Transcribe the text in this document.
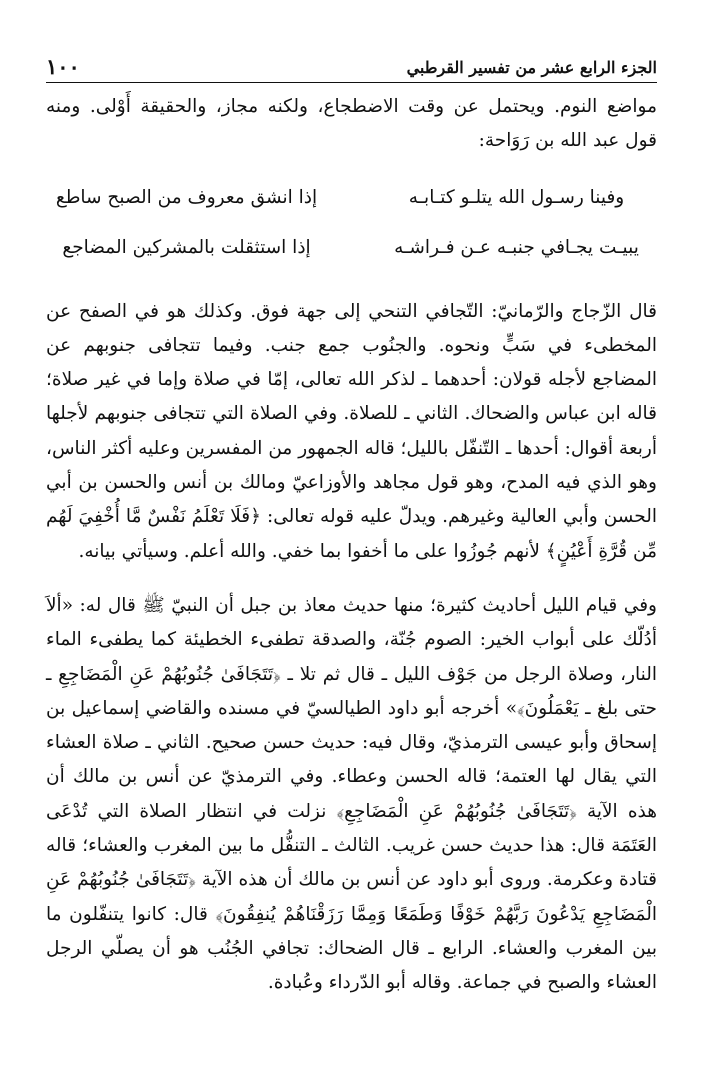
١٠٠	الجزء الرابع عشر من تفسير القرطبي

مواضع النوم. ويحتمل عن وقت الاضطجاع، ولكنه مجاز، والحقيقة أَوْلى. ومنه قول عبد الله بن رَوَاحة:

وفينا رسـول الله يتلـو كتـابـه
إذا انشق معروف من الصبح ساطع
يبيـت يجـافي جنبـه عـن فـراشـه
إذا استثقلت بالمشركين المضاجع

قال الزّجاج والرّمانيّ: التّجافي التنحي إلى جهة فوق. وكذلك هو في الصفح عن المخطىء في سَبٍّ ونحوه. والجنُوب جمع جنب. وفيما تتجافى جنوبهم عن المضاجع لأجله قولان: أحدهما ـ لذكر الله تعالى، إمّا في صلاة وإما في غير صلاة؛ قاله ابن عباس والضحاك. الثاني ـ للصلاة. وفي الصلاة التي تتجافى جنوبهم لأجلها أربعة أقوال: أحدها ـ التّنفّل بالليل؛ قاله الجمهور من المفسرين وعليه أكثر الناس، وهو الذي فيه المدح، وهو قول مجاهد والأوزاعيّ ومالك بن أنس والحسن بن أبي الحسن وأبي العالية وغيرهم. ويدلّ عليه قوله تعالى: ﴿فَلَا تَعْلَمُ نَفْسٌ مَّا أُخْفِيَ لَهُم مِّن قُرَّةِ أَعْيُنٍ﴾ لأنهم جُوزُوا على ما أخفوا بما خفي. والله أعلم. وسيأتي بيانه.

وفي قيام الليل أحاديث كثيرة؛ منها حديث معاذ بن جبل أن النبيّ ﷺ قال له: «ألاَ أدُلّك على أبواب الخير: الصوم جُنّة، والصدقة تطفىء الخطيئة كما يطفىء الماء النار، وصلاة الرجل من جَوْف الليل ـ قال ثم تلا ـ ﴿تَتَجَافَىٰ جُنُوبُهُمْ عَنِ الْمَضَاجِعِ ـ حتى بلغ ـ يَعْمَلُونَ﴾» أخرجه أبو داود الطيالسيّ في مسنده والقاضي إسماعيل بن إسحاق وأبو عيسى الترمذيّ، وقال فيه: حديث حسن صحيح. الثاني ـ صلاة العشاء التي يقال لها العتمة؛ قاله الحسن وعطاء. وفي الترمذيّ عن أنس بن مالك أن هذه الآية ﴿تَتَجَافَىٰ جُنُوبُهُمْ عَنِ الْمَضَاجِعِ﴾ نزلت في انتظار الصلاة التي تُدْعَى العَتَمَة قال: هذا حديث حسن غريب. الثالث ـ التنفُّل ما بين المغرب والعشاء؛ قاله قتادة وعكرمة. وروى أبو داود عن أنس بن مالك أن هذه الآية ﴿تَتَجَافَىٰ جُنُوبُهُمْ عَنِ الْمَضَاجِعِ يَدْعُونَ رَبَّهُمْ خَوْفًا وَطَمَعًا وَمِمَّا رَزَقْنَاهُمْ يُنفِقُونَ﴾ قال: كانوا يتنفّلون ما بين المغرب والعشاء. الرابع ـ قال الضحاك: تجافي الجُنُب هو أن يصلّي الرجل العشاء والصبح في جماعة. وقاله أبو الدّرداء وعُبادة.
